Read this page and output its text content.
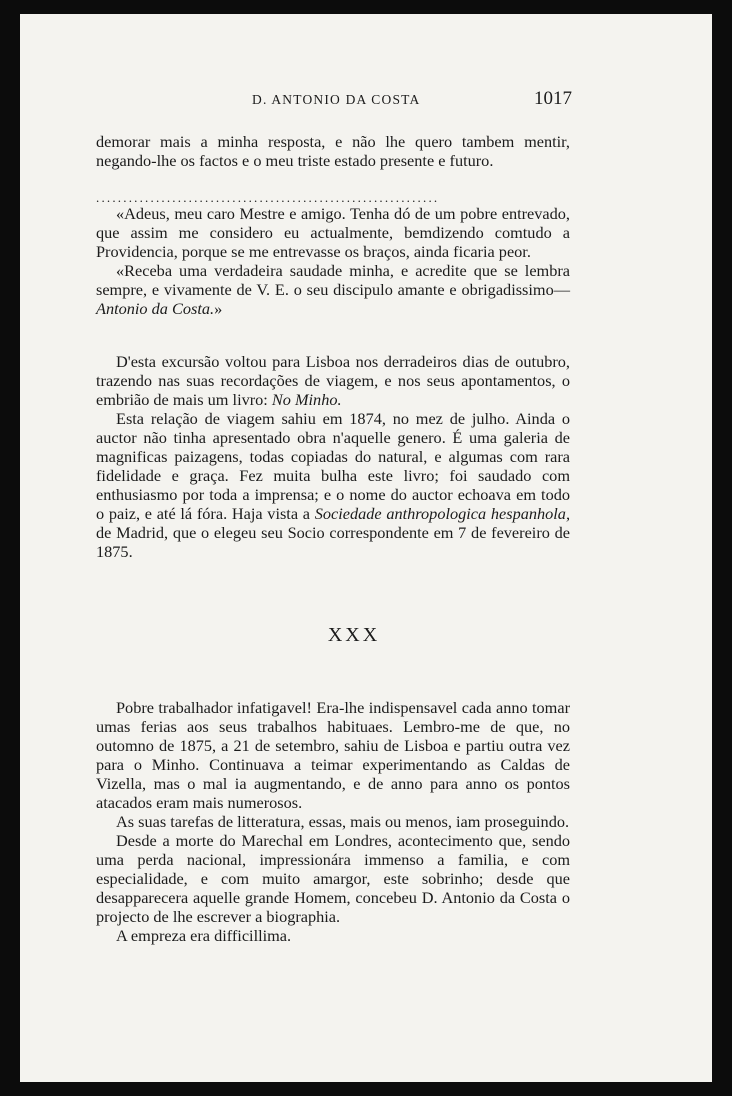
D. ANTONIO DA COSTA	1017

demorar mais a minha resposta, e não lhe quero tambem mentir, negando-lhe os factos e o meu triste estado presente e futuro.

...............................................................

«Adeus, meu caro Mestre e amigo. Tenha dó de um pobre entrevado, que assim me considero eu actualmente, bemdizendo comtudo a Providencia, porque se me entrevasse os braços, ainda ficaria peor.

«Receba uma verdadeira saudade minha, e acredite que se lembra sempre, e vivamente de V. E. o seu discipulo amante e obrigadissimo—Antonio da Costa.»

D'esta excursão voltou para Lisboa nos derradeiros dias de outubro, trazendo nas suas recordações de viagem, e nos seus apontamentos, o embrião de mais um livro: No Minho.

Esta relação de viagem sahiu em 1874, no mez de julho. Ainda o auctor não tinha apresentado obra n'aquelle genero. É uma galeria de magnificas paizagens, todas copiadas do natural, e algumas com rara fidelidade e graça. Fez muita bulha este livro; foi saudado com enthusiasmo por toda a imprensa; e o nome do auctor echoava em todo o paiz, e até lá fóra. Haja vista a Sociedade anthropologica hespanhola, de Madrid, que o elegeu seu Socio correspondente em 7 de fevereiro de 1875.

XXX

Pobre trabalhador infatigavel! Era-lhe indispensavel cada anno tomar umas ferias aos seus trabalhos habituaes. Lembro-me de que, no outomno de 1875, a 21 de setembro, sahiu de Lisboa e partiu outra vez para o Minho. Continuava a teimar experimentando as Caldas de Vizella, mas o mal ia augmentando, e de anno para anno os pontos atacados eram mais numerosos.

As suas tarefas de litteratura, essas, mais ou menos, iam proseguindo.

Desde a morte do Marechal em Londres, acontecimento que, sendo uma perda nacional, impressionára immenso a familia, e com especialidade, e com muito amargor, este sobrinho; desde que desapparecera aquelle grande Homem, concebeu D. Antonio da Costa o projecto de lhe escrever a biographia.

A empreza era difficillima.
